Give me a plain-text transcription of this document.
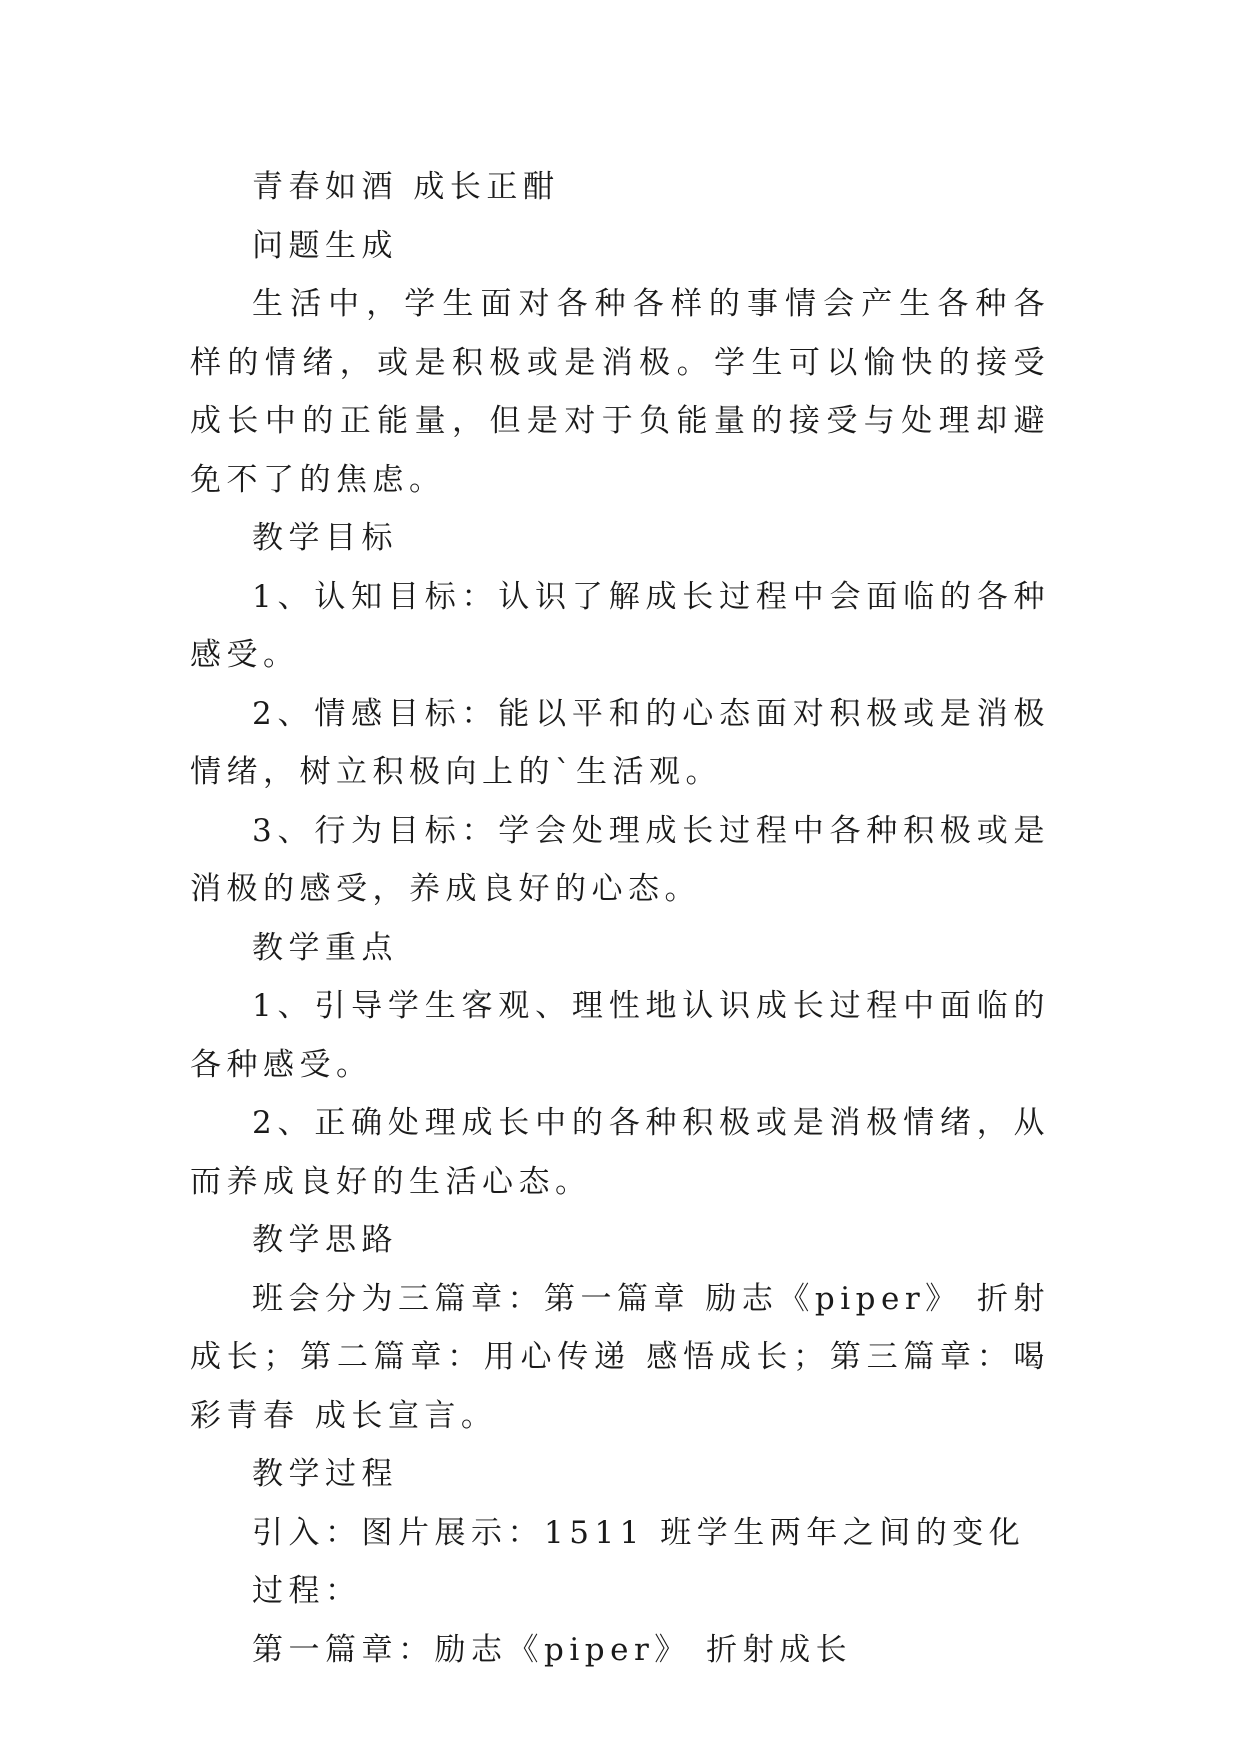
青春如酒 成长正酣

问题生成

生活中，学生面对各种各样的事情会产生各种各样的情绪，或是积极或是消极。学生可以愉快的接受成长中的正能量，但是对于负能量的接受与处理却避免不了的焦虑。

教学目标

1、认知目标：认识了解成长过程中会面临的各种感受。

2、情感目标：能以平和的心态面对积极或是消极情绪，树立积极向上的`生活观。

3、行为目标：学会处理成长过程中各种积极或是消极的感受，养成良好的心态。

教学重点

1、引导学生客观、理性地认识成长过程中面临的各种感受。

2、正确处理成长中的各种积极或是消极情绪，从而养成良好的生活心态。

教学思路

班会分为三篇章：第一篇章 励志《piper》 折射成长；第二篇章：用心传递 感悟成长；第三篇章：喝彩青春 成长宣言。

教学过程

引入：图片展示：1511 班学生两年之间的变化

过程：

第一篇章：励志《piper》 折射成长
